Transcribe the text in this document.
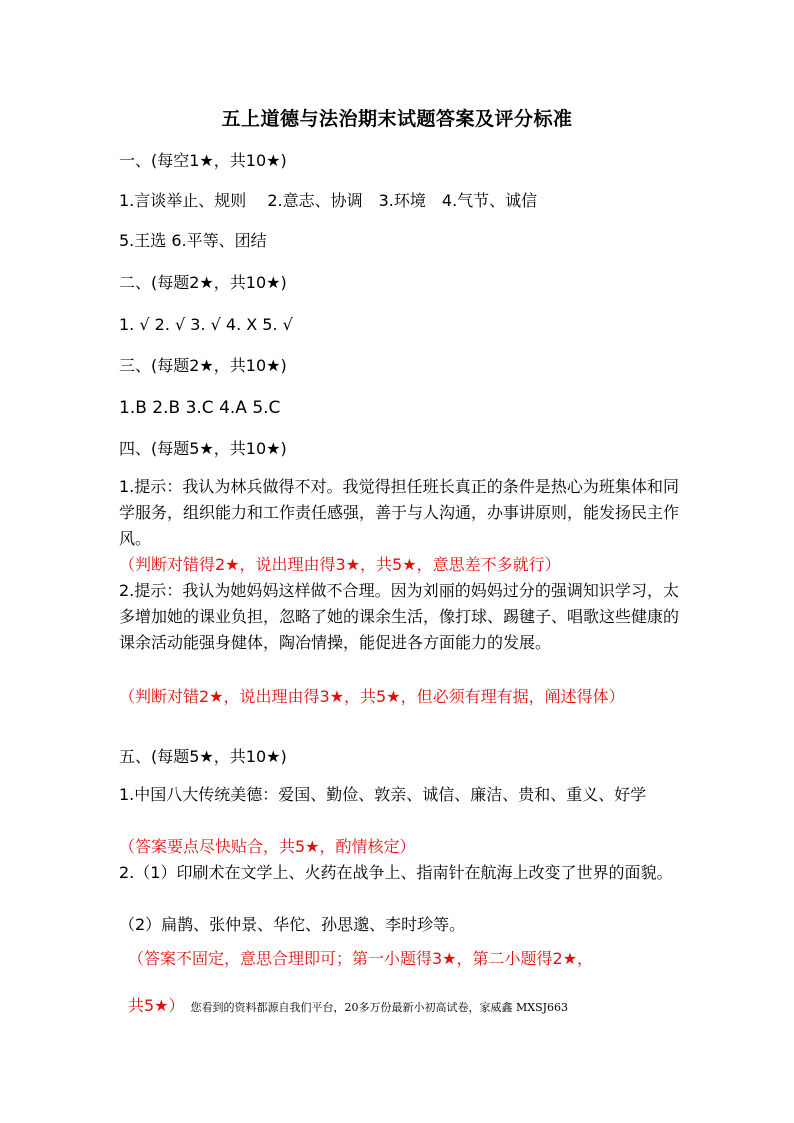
五上道德与法治期末试题答案及评分标准
一、(每空1★，共10★)
1.言谈举止、规则　 2.意志、协调　3.环境　4.气节、诚信
5.王选 6.平等、团结
二、(每题2★，共10★)
1. √ 2. √ 3. √ 4. X 5. √
三、(每题2★，共10★)
1.B 2.B 3.C 4.A 5.C
四、(每题5★，共10★)
1.提示：我认为林兵做得不对。我觉得担任班长真正的条件是热心为班集体和同学服务，组织能力和工作责任感强，善于与人沟通，办事讲原则，能发扬民主作风。
（判断对错得2★，说出理由得3★，共5★，意思差不多就行）
2.提示：我认为她妈妈这样做不合理。因为刘丽的妈妈过分的强调知识学习，太多增加她的课业负担，忽略了她的课余生活，像打球、踢毽子、唱歌这些健康的课余活动能强身健体，陶冶情操，能促进各方面能力的发展。
（判断对错2★，说出理由得3★，共5★，但必须有理有据，阐述得体）
五、(每题5★，共10★)
1.中国八大传统美德：爱国、勤俭、敦亲、诚信、廉洁、贵和、重义、好学
（答案要点尽快贴合，共5★，酌情核定）
2.（1）印刷术在文学上、火药在战争上、指南针在航海上改变了世界的面貌。
（2）扁鹊、张仲景、华佗、孙思邈、李时珍等。
（答案不固定，意思合理即可；第一小题得3★，第二小题得2★，
共5★） 您看到的资料都源自我们平台，20多万份最新小初高试卷，家威鑫 MXSJ663
